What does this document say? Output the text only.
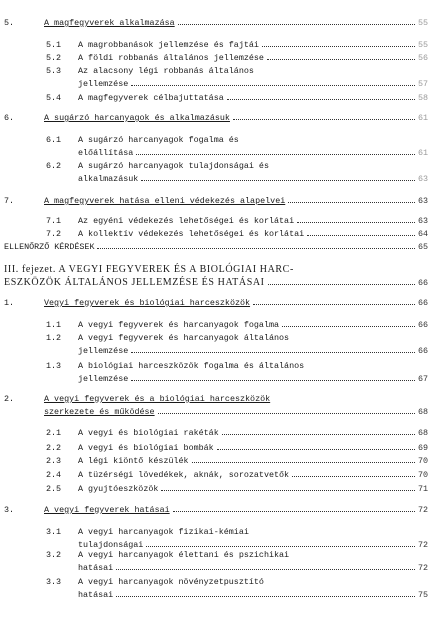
5.	A magfegyverek alkalmazása	55
5.1 A magrobbanások jellemzése és fajtái	55
5.2 A földi robbanás általános jellemzése	56
5.3 Az alacsony légi robbanás általános
jellemzése	57
5.4 A magfegyverek célbajuttatása	58
6.	A sugárzó harcanyagok és alkalmazásuk	61
6.1 A sugárzó harcanyagok fogalma és
előállítása	61
6.2 A sugárzó harcanyagok tulajdonságai és
alkalmazásuk	63
7.	A magfegyverek hatása elleni védekezés alapelvei	63
7.1 Az egyéni védekezés lehetőségei és korlátai	63
7.2 A kollektív védekezés lehetőségei és korlátai	64
ELLENŐRZŐ KÉRDÉSEK	65
III. fejezet. A VEGYI FEGYVEREK ÉS A BIOLÓGIAI HARC-
ESZKÖZÖK ÁLTALÁNOS JELLEMZÉSE ÉS HATÁSAI	66
1.	Vegyi fegyverek és biológiai harceszközök	66
1.1 A vegyi fegyverek és harcanyagok fogalma	66
1.2 A vegyi fegyverek és harcanyagok általános
jellemzése	66
1.3 A biológiai harceszközök fogalma és általános
jellemzése	67
2.	A vegyi fegyverek és a biológiai harceszközök
szerkezete és működése	68
2.1 A vegyi és biológiai rakéták	68
2.2 A vegyi és biológiai bombák	69
2.3 A légi kiöntő készülék	70
2.4 A tüzérségi lövedékek, aknák, sorozatvetők	70
2.5 A gyujtóeszközök	71
3.	A vegyi fegyverek hatásai	72
3.1 A vegyi harcanyagok fizikai-kémiai
tulajdonságai	72
3.2 A vegyi harcanyagok élettani és pszichikai
hatásai	72
3.3 A vegyi harcanyagok növényzetpusztító
hatásai	75
